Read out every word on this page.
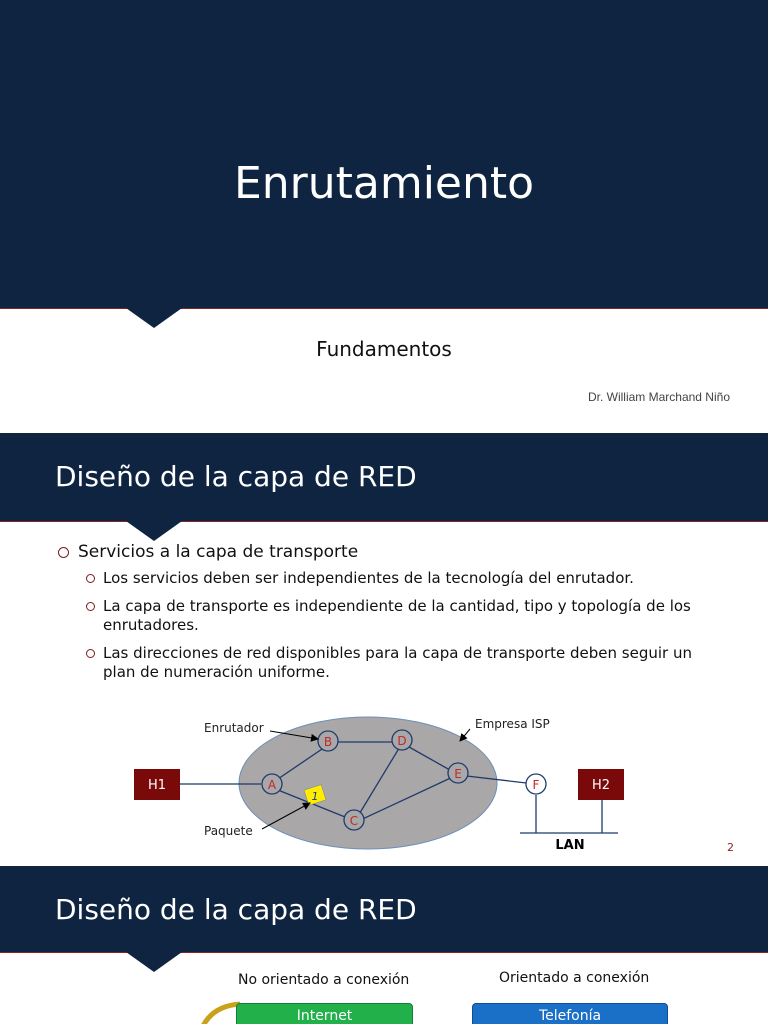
Enrutamiento
Fundamentos
Dr. William Marchand Niño
Diseño de la capa de RED
Servicios a la capa de transporte
Los servicios deben ser independientes de la tecnología del enrutador.
La capa de transporte es independiente de la cantidad, tipo y topología de los enrutadores.
Las direcciones de red disponibles para la capa de transporte deben seguir un plan de numeración uniforme.
H1	H2
B	D
A
E
C
F
1
Enrutador	Empresa ISP
Paquete
LAN	2
Diseño de la capa de RED
No orientado a conexión	Orientado a conexión
Internet	Telefonía
